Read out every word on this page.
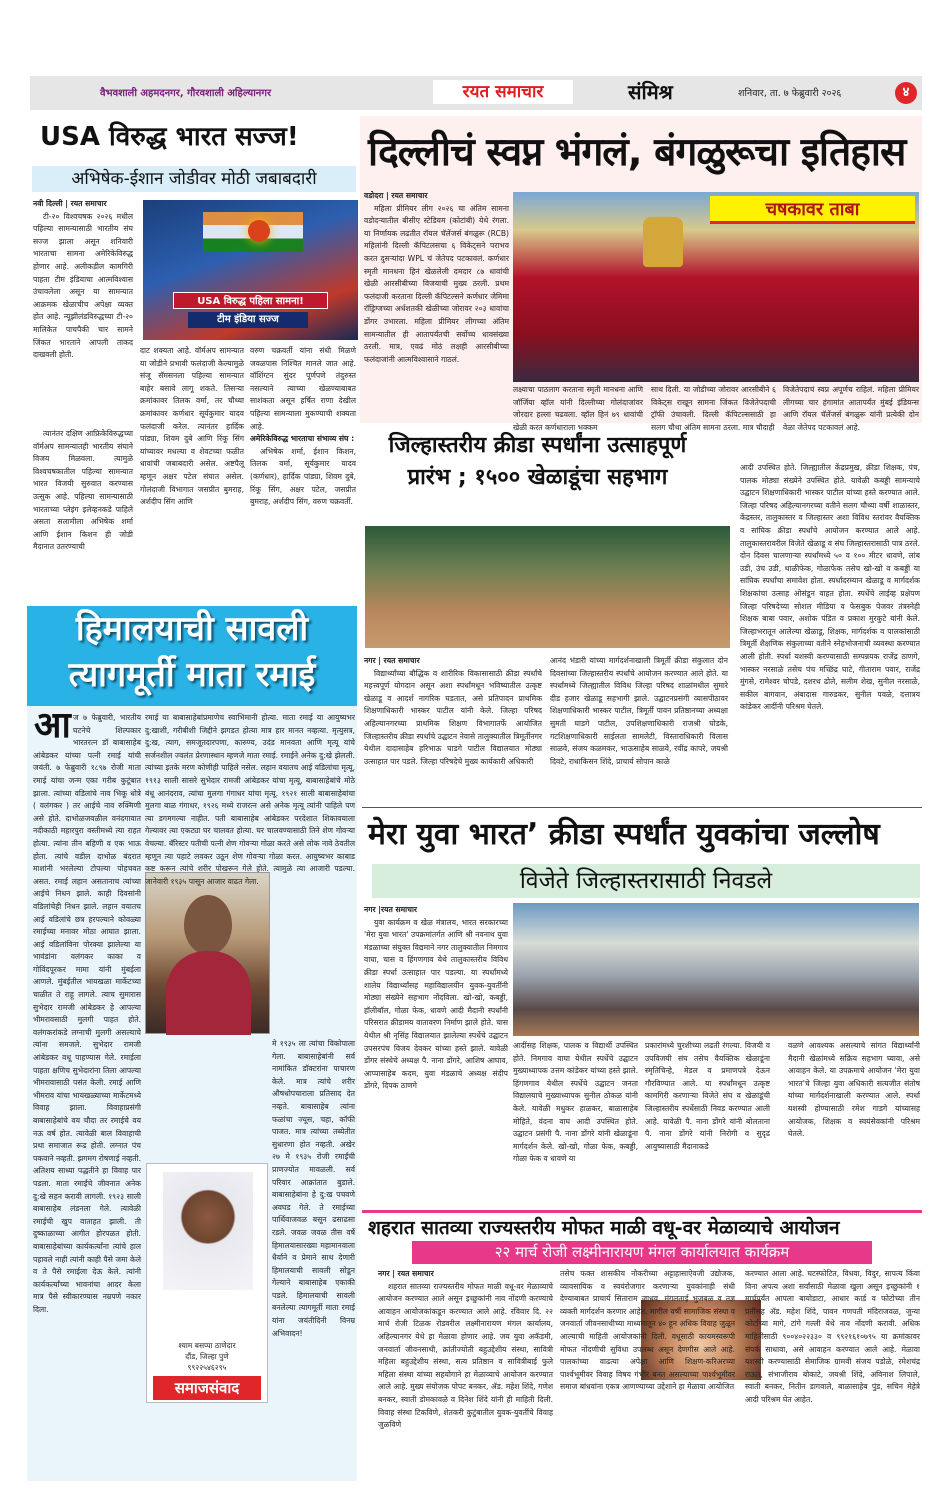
वैभवशाली अहमदनगर, गौरवशाली अहिल्यानगर	रयत समाचार	संमिश्र	शनिवार, ता. ७ फेब्रुवारी २०२६	४
USA विरुद्ध भारत सज्ज!
अभिषेक-ईशान जोडीवर मोठी जबाबदारी
नवी दिल्ली | रयत समाचार

टी-२० विश्वचषक २०२६ मधील पहिल्या सामन्यासाठी भारतीय संघ सज्ज झाला असून शनिवारी भारताचा सामना अमेरिकेविरुद्ध होणार आहे. अलीकडील कामगिरी पाहता टीम इंडियाचा आत्मविश्वास उंचावलेला असून या सामन्यात आक्रमक खेळाचीच अपेक्षा व्यक्त होत आहे. न्यूझीलंडविरुद्धच्या टी-२० मालिकेत पाचपैकी चार सामने जिंकत भारताने आपली ताकद दाखवली होती.

USA विरुद्ध पहिला सामना!
टीम इंडिया सज्ज

त्यानंतर दक्षिण आफ्रिकेविरुद्धच्या वॉर्मअप सामन्यातही भारतीय संघाने विजय मिळवला. त्यामुळे विश्वचषकातील पहिल्या सामन्यात भारत विजयी सुरुवात करण्यास उत्सुक आहे. पहिल्या सामन्यासाठी भारताच्या प्लेइंग इलेव्हनकडे पाहिले असता सलामीला अभिषेक शर्मा आणि ईशान किशन ही जोडी मैदानात उतरण्याची

दाट शक्यता आहे. वॉर्मअप सामन्यात या जोडीने प्रभावी फलंदाजी केल्यामुळे संजू सॅमसनला पहिल्या सामन्यात बाहेर बसावे लागू शकते. तिसऱ्या क्रमांकावर तिलक वर्मा, तर चौथ्या क्रमांकावर कर्णधार सूर्यकुमार यादव फलंदाजी करेल. त्यानंतर हार्दिक पांड्या, शिवम दुबे आणि रिंकू सिंग यांच्यावर मधल्या व शेवटच्या फळीत धावांची जबाबदारी असेल. अष्टपैलू म्हणून अक्षर पटेल संघात असेल. गोलंदाजी विभागात जसप्रीत बुमराह, अर्शदीप सिंग आणि

वरुण चक्रवर्ती यांना संधी मिळणे जवळपास निश्चित मानले जात आहे. वॉशिंग्टन सुंदर पूर्णपणे तंदुरुस्त नसल्याने त्याच्या खेळण्याबाबत साशंकता असून हर्षित राणा देखील पहिल्या सामन्याला मुकण्याची शक्यता आहे.

अमेरिकेविरुद्ध भारताचा संभाव्य संघ :

अभिषेक शर्मा, ईशान किशन, तिलक वर्मा, सूर्यकुमार यादव (कर्णधार), हार्दिक पांड्या, शिवम दुबे, रिंकू सिंग, अक्षर पटेल, जसप्रीत बुमराह, अर्शदीप सिंग, वरुण चक्रवर्ती.

दिल्लीचं स्वप्न भंगलं, बंगळुरूचा इतिहास
वडोदरा | रयत समाचार

महिला प्रीमियर लीग २०२६ चा अंतिम सामना वडोदऱ्यातील बीसीए स्टेडियम (कोटांबी) येथे रंगला. या निर्णायक लढतीत रॉयल चॅलेंजर्स बंगळुरू (RCB) महिलांनी दिल्ली कॅपिटलसचा ६ विकेट्सने पराभव करत दुसऱ्यांदा WPL चं जेतेपद पटकावलं. कर्णधार स्मृती मानधना हिनं खेळलेली दमदार ८७ धावांची खेळी आरसीबीच्या विजयाची मुख्य ठरली. प्रथम फलंदाजी करताना दिल्ली कॅपिटल्सने कर्णधार जेमिमा रॉड्रिग्जच्या अर्धशतकी खेळीच्या जोरावर २०३ धावांचा डोंगर उभारला. महिला प्रीमियर लीगच्या अंतिम सामन्यातील ही आतापर्यंतची सर्वोच्च धावसंख्या ठरली. मात्र, एवढं मोठं लक्षही आरसीबीच्या फलंदाजांनी आत्मविश्वासाने गाठलं.

चषकावर ताबा

लक्ष्याचा पाठलाग करताना स्मृती मानधना आणि जॉर्जिया व्हॉल यांनी दिल्लीच्या गोलंदाजांवर जोरदार हल्ला चढवला. व्हॉल हिनं ७९ धावांची खेळी करत कर्णधाराला भक्कम

साथ दिली. या जोडीच्या जोरावर आरसीबीने ६ विकेट्स राखून सामना जिंकत विजेतेपदाची ट्रॉफी उंचावली. दिल्ली कॅपिटल्ससाठी हा सलग चौथा अंतिम सामना ठरला. मात्र चौदाही

विजेतेपदाचं स्वप्न अपूर्णच राहिलं. महिला प्रीमियर लीगच्या चार हंगामांत आतापर्यंत मुंबई इंडियन्स आणि रॉयल चॅलेंजर्स बंगळुरू यांनी प्रत्येकी दोन वेळा जेतेपद पटकावलं आहे.

जिल्हास्तरीय क्रीडा स्पर्धांना उत्साहपूर्ण
प्रारंभ ; १५०० खेळाडूंचा सहभाग
नगर | रयत समाचार

विद्यार्थ्यांच्या बौद्धिक व शारीरिक विकासासाठी क्रीडा स्पर्धांचे महत्त्वपूर्ण योगदान असून अशा स्पर्धांमधून भविष्यातील उत्कृष्ट खेळाडू व आदर्श नागरिक घडतात, असे प्रतिपादन प्राथमिक शिक्षणाधिकारी भास्कर पाटील यांनी केले. जिल्हा परिषद अहिल्यानगरच्या प्राथमिक शिक्षण विभागातर्फे आयोजित जिल्हास्तरीय क्रीडा स्पर्धांचे उद्घाटन नेवासे तालुक्यातील त्रिमूर्तीनगर येथील दादासाहेब हरिभाऊ घाडगे पाटील विद्यालयात मोठ्या उत्साहात पार पडले. जिल्हा परिषदेचे मुख्य कार्यकारी अधिकारी

आनंद भंडारी यांच्या मार्गदर्शनाखाली त्रिमूर्ती क्रीडा संकुलात दोन दिवसांच्या जिल्हास्तरीय स्पर्धांचे आयोजन करण्यात आले होते. या स्पर्धांमध्ये जिल्ह्यातील विविध जिल्हा परिषद शाळांमधील सुमारे दीड हजार खेळाडू सहभागी झाले. उद्घाटनप्रसंगी व्यासपीठावर शिक्षणाधिकारी भास्कर पाटील, त्रिमूर्ती पावन प्रतिष्ठानच्या अध्यक्षा सुमती घाडगे पाटील, उपशिक्षणाधिकारी राजश्री घोडके, गटशिक्षणाधिकारी साईलता सामलेटी, विस्ताराधिकारी विलास साळवे, संजय कळमकर, भाऊसाहेब साळवे, रवींद्र कापरे, जयश्री दिवटे, राधाकिसन शिंदे, प्राचार्य सोपान काळे

आदी उपस्थित होते. जिल्ह्यातील केंद्रप्रमुख, क्रीडा शिक्षक, पंच, पालक मोठ्या संख्येने उपस्थित होते. यावेळी कबड्डी सामन्याचे उद्घाटन शिक्षणाधिकारी भास्कर पाटील यांच्या हस्ते करण्यात आले. जिल्हा परिषद अहिल्यानगरच्या वतीने सलग चौथ्या वर्षी शाळास्तर, केंद्रस्तर, तालुकास्तर व जिल्हास्तर अशा विविध स्तरांवर वैयक्तिक व सांघिक क्रीडा स्पर्धांचे आयोजन करण्यात आले आहे. तालुकास्तरावरील विजेते खेळाडू व संघ जिल्हास्तरासाठी पात्र ठरले. दोन दिवस चालणाऱ्या स्पर्धांमध्ये ५० व १०० मीटर धावणे, लांब उडी, उंच उडी, थाळीफेक, गोळाफेक तसेच खो-खो व कबड्डी या सांघिक स्पर्धांचा समावेश होता. स्पर्धांदरम्यान खेळाडू व मार्गदर्शक शिक्षकांचा उत्साह ओसंडून वाहत होता. स्पर्धेचे लाईव्ह प्रक्षेपण जिल्हा परिषदेच्या सोशल मीडिया व फेसबुक पेजवर तंत्रस्नेही शिक्षक बाबा पवार, अशोक पंडित व प्रकाश मुरकुटे यांनी केले. जिल्हाभरातून आलेल्या खेळाडू, शिक्षक, मार्गदर्शक व पालकांसाठी त्रिमूर्ती शैक्षणिक संकुलाच्या वतीने स्नेहभोजनाची व्यवस्था करण्यात आली होती. स्पर्धा यशस्वी करण्यासाठी सम्पन्नयक राजेंद्र ठाणगे, भास्कर नरसाळे तसेच पंच मच्छिंद्र घाटे, गीताराम पवार, राजेंद्र मुंगसे, रामेश्वर चोपडे, दशरथ ढोले, सलीम शेख, सुनील नरसाळे, सकील बागवान, अंबादास गारुडकर, सुनील पवळे, दत्तात्रय कांडेकर आदींनी परिश्रम घेतले.

मेरा युवा भारत’ क्रीडा स्पर्धांत युवकांचा जल्लोष
विजेते जिल्हास्तरासाठी निवडले
नगर |रयत समाचार

युवा कार्यक्रम व खेळ मंत्रालय, भारत सरकारच्या 'मेरा युवा भारत' उपक्रमांतर्गत आणि श्री नवनाथ युवा मंडळाच्या संयुक्त विद्यमाने नगर तालुक्यातील निमगाव वाघा, चास व हिंगणगाव येथे तालुकास्तरीय विविध क्रीडा स्पर्धा उत्साहात पार पडल्या. या स्पर्धांमध्ये शालेय विद्यार्थ्यांसह महाविद्यालयीन युवक-युवतींनी मोठ्या संख्येने सहभाग नोंदविला. खो-खो, कबड्डी, हॉलीबॉल, गोळा फेक, धावणे आदी मैदानी स्पर्धांनी परिसरात क्रीडामय वातावरण निर्माण झाले होते. चास येथील श्री नृसिंह विद्यालयात झालेल्या स्पर्धेचे उद्घाटन उपसरपंच विजय देवकर यांच्या हस्ते झाले. यावेळी डोंगर संस्थेचे अध्यक्ष पै. नाना डोंगरे, आशिष आघाव, आप्पासाहेब कदम, युवा मंडळाचे अध्यक्ष संदीप डोंगरे, दिपक ठाणगे

आदींसह शिक्षक, पालक व विद्यार्थी उपस्थित होते. निमगाव वाघा येथील स्पर्धेचे उद्घाटन मुख्याध्यापक उत्तम कांडेकर यांच्या हस्ते झाले. हिंगणगाव येथील स्पर्धेचे उद्घाटन जनता विद्यालयाचे मुख्याध्यापक सुनील ठोकळ यांनी केले. यावेळी मधुकर हाळकर, बाळासाहेब मोहिते, वंदना वाघ आदी उपस्थित होते. उद्घाटन प्रसंगी पै. नाना डोंगरे यांनी खेळाडूंना मार्गदर्शन केले. खो-खो, गोळा फेक, कबड्डी, गोळा फेक व धावणे या

प्रकारांमध्ये चुरशीच्या लढती रंगल्या. विजयी व उपविजयी संघ तसेच वैयक्तिक खेळाडूंना स्मृतिचिन्हे, मेडल व प्रमाणपत्रे देऊन गौरविण्यात आले. या स्पर्धांमधून उत्कृष्ट कामगिरी करणाऱ्या विजेते संघ व खेळाडूंची जिल्हास्तरीय स्पर्धेसाठी निवड करण्यात आली आहे. यावेळी पै. नाना डोंगरे यांनी बोलताना पै. नाना डोंगरे यांनी निरोगी व सुदृढ आयुष्यासाठी मैदानाकडे

वळणे आवश्यक असल्याचे सांगत विद्यार्थ्यांनी मैदानी खेळांमध्ये सक्रिय सहभाग घ्यावा, असे आवाहन केले. या उपक्रमाचे आयोजन 'मेरा युवा भारत'चे जिल्हा युवा अधिकारी सत्यजीत संतोष यांच्या मार्गदर्शनाखाली करण्यात आले. स्पर्धा यशस्वी होण्यासाठी रमेश गाडगे यांच्यासह आयोजक, शिक्षक व स्वयंसेवकांनी परिश्रम घेतले.

शहरात सातव्या राज्यस्तरीय मोफत माळी वधू-वर मेळाव्याचे आयोजन
२२ मार्च रोजी लक्ष्मीनारायण मंगल कार्यालयात कार्यक्रम
नगर | रयत समाचार

शहरात सातव्या राज्यस्तरीय मोफत माळी वधू-वर मेळाव्याचे आयोजन करण्यात आले असून इच्छुकांनी नाव नोंदणी करण्याचे आवाहन आयोजकांकडून करण्यात आले आहे. रविवार दि. २२ मार्च रोजी टिळक रोडवरील लक्ष्मीनारायण मंगल कार्यालय, अहिल्यानगर येथे हा मेळावा होणार आहे. जय युवा अकॅडमी, जनवार्ता जीवनसाथी, क्रांतीज्योती बहुउद्देशीय संस्था, सावित्री महिला बहुउद्देशीय संस्था, सत्य प्रतिष्ठान व सावित्रीबाई फुले महिला संस्था यांच्या सहयोगाने हा मेळाव्याचे आयोजन करण्यात आले आहे. मुख्य संयोजक पोपट बनकर, ॲड. महेश शिंदे, गणेश बनकर, स्वाती डोमकावळे व दिनेश शिंदे यांनी ही माहिती दिली. विवाह संस्था टिकविणे, शेतकरी कुटुंबातील युवक-युवतींचे विवाह जुळविणे

तसेच फक्त शासकीय नोकरीच्या अट्टाहासाऐवजी उद्योजक, व्यावसायिक व स्वयंरोजगार करणाऱ्या युवकांनाही संधी देण्याबाबत प्राचार्य सिताराम जाधव, मंगलताई भुजबळ व तज्ञ व्यक्ती मार्गदर्शन करणार आहेत. मागील वर्षी सामाजिक संस्था व जनवार्ता जीवनसाथीच्या माध्यमातून ४० हून अधिक विवाह जुळून आल्याची माहिती आयोजकांनी दिली. वधूसाठी कायमस्वरूपी मोफत नोंदणीची सुविधा उपलब्ध असून देणगीस आले आहे. पालकांच्या वाढत्या अपेक्षा आणि शिक्षण-करिअरच्या पार्श्वभूमीवर विवाह विषय गंभीर बनत असल्याच्या पार्श्वभूमीवर समाज बांधवांना एकत्र आणण्याच्या उद्देशाने हा मेळावा आयोजित

करण्यात आला आहे. घटस्फोटित, विधवा, विदुर, सापत्य किंवा विना अपत्य अशा सर्वांसाठी मेळावा खुला असून इच्छुकांनी १ मार्चपर्यंत आपला बायोडाटा, आधार कार्ड व फोटोच्या तीन प्रतींसह ॲड. महेश शिंदे, पावन गणपती मंदिराजवळ, जुन्या कोर्टाच्या मागे, टांगे गल्ली येथे नाव नोंदणी करावी. अधिक माहितीसाठी ९००४०२२३३० व ९९२१६१०७९५ या क्रमांकावर संपर्क साधावा, असे आवाहन करण्यात आले आहे. मेळावा यशस्वी करण्यासाठी सेमाजिक ग्रामवी संजय पडोळे, रमेशचंद्र राऊत, संभाजीराव बोकाटे, जयश्री शिंदे, अविनाश लिपाले, स्वाती बनकर, नितीन डागवाले, बाळासाहेब पुंड, सचिन मेहेत्रे आदी परिश्रम घेत आहेत.

हिमालयाची सावली
त्यागमूर्ती माता रमाई
आ ज ७ फेब्रुवारी, भारतीय घटनेचे शिल्पकार भारतरत्न डॉ बाबासाहेब आंबेडकर यांच्या पत्नी रमाई यांची जयंती. ७ फेब्रुवारी १८९७ रोजी माता रमाई यांचा जन्म एका गरीब कुटूंबात झाला. त्यांच्या वडिलांचे नाव भिकू धोत्रे ( वलंगकर ) तर आईचे नाव रुक्मिणी असे होते. दाभोळजवळील वनंदगावात नदीकाठी महारपुरा वस्तीमध्ये त्या राहत होत्या. त्यांना तीन बहिणी व एक भाऊ होता. त्यांचे वडील दाभोळ बंदरात माशांनी भरलेल्या टोपल्या पोहचवत असत. रमाई लहान असतानाच त्यांच्या आईचे निधन झाले. काही दिवसांनी वडिलांचेही निधन झाले. लहान वयातच आई वडिलांचे छत्र हरपल्याने कोवळ्या रमाईच्या मनावर मोठा आघात झाला. आई वडिलांविना पोरक्या झालेल्या या भावंडांना वलंगकर काका व गोविंदपूरकर मामा यांनी मुंबईला आणले. मुंबईतील भायखळा मार्केटच्या चाळीत ते राहू लागले. त्याच सुमारास सुभेदार रामजी आंबेडकर हे आपल्या भीमरावसाठी मुलगी पाहत होते. वलंगकरांकडे लग्नाची मुलगी असल्याचे त्यांना समजले. सुभेदार रामजी आंबेडकर वधू पाहण्यास गेले. रमाईला पाहता क्षणिच सुभेदारांना तिला आपल्या भीमरावासाठी पसंत केली. रमाई आणि भीमराव यांचा भायखळ्याच्या मार्केटमध्ये विवाह झाला. विवाहाप्रसंगी बाबासाहेबांचे वय चौदा तर रमाईचे वय नऊ वर्ष होत. त्यावेळी बाल विवाहाची प्रथा समाजात रूढ होती. लग्नात पंच पकवाने नव्हती. झगमग रोषणाई नव्हती. अतिशय साध्या पद्धतीने हा विवाह पार पडला. माता रमाईंचे जीवनात अनेक दु:खे सहन करावी लागली. १९२३ साली बाबासाहेब लंडनला गेले. त्यावेळी रमाईची खुप वाताहत झाली. ती दुष्काळाच्या आगीत होरपळत होती. बाबासाहेबांच्या कार्यकर्त्यांना त्यांचे हाल पहावले नाही त्यांनी काही पैसे जमा केले व ते पैसे रमाईला देऊ केले. त्यांनी कार्यकर्त्यांच्या भावनांचा आदर केला मात्र पैसे स्वीकारण्यास नम्रपणे नकार दिला.

रमाई या बाबासाहेबांप्रमाणेच स्वाभिमानी होत्या. माता रमाई या आयुष्यभर दु:खाशी, गरीबीशी जिद्दीने झगडत होत्या मात्र हार मानत नव्हत्या. मृत्युसत्र, दु:ख, त्याग, समजूतदारपणा, कारुण्य, उदंड मानवता आणि मृत्यू यांचे सर्जनशील ज्वलंत प्रेरणास्थान म्हणजे माता रमाई. रमाईने अनेक दु:खे झेलली. त्यांच्या इतके मरण कोणीही पाहिले नसेल. लहान वयातच आई वडिलांचा मृत्यू, १९१३ साली सासरे सुभेदार रामजी आंबेडकर यांचा मृत्यू, बाबासाहेबांचे मोठे बंधू आनंदराव, त्यांचा मुलगा गंगाधर यांचा मृत्यू. १९२१ साली बाबासाहेबांचा मुलगा बाळ गंगाधर, १९२६ मध्ये राजरत्न असे अनेक मृत्यू त्यांनी पाहिले पण त्या डगमगल्या नाहीत. पती बाबासाहेब आंबेडकर परदेशात शिकावयाला गेल्यावर त्या एकट्या घर चालवत होत्या. घर चालवण्यासाठी तिने शेण गोवऱ्या वेचल्या. बॅरिस्टर पतीची पत्नी शेण गोवऱ्या गोळा करते असे लोक नावे ठेवतील म्हणून त्या पहाटे लवकर उठून शेण गोवऱ्या गोळा करत. आयुष्यभर काबाड कष्ट करून त्यांचे शरीर पोखरून गेले होते. त्यामुळे त्या आजारी पडल्या. जानेवारी १९३५ पासून आजार वाढत गेला.

मे १९३५ ला त्यांचा विकोपाला गेला. बाबासाहेबांनी सर्व नामांकित डॉक्टरांना पाचारण केले. मात्र त्यांचे शरीर औषधोपचाराला प्रतिसाद देत नव्हते. बाबासाहेब त्यांना फळांचा ज्यूस, चहा, कॉफी पाजत. मात्र त्यांच्या तब्येतीत सुधारणा होत नव्हती. अखेर २७ मे १९३५ रोजी रमाईंची प्राणज्योत मावळली. सर्व परिवार आक्रांतात बुडाले. बाबासाहेबांना हे दु:ख पचवणे अवघड गेले. ते रमाईच्या पार्थिवाजवळ बसून ढसाढसा रडले. जवळ जवळ तीस वर्षे हिमालयासारख्या महामानवाला धैर्याने व प्रेमाने साथ देणारी हिमालयाची सावली सोडून गेल्याने बाबासाहेब एकाकी पडले. हिमालयाची सावली बनलेल्या त्यागमूर्ती माता रमाई यांना जयंतीदिनी विनम्र अभिवादन!

श्याम बसप्पा ठाणेदार
दौंड, जिल्हा पुणे
९९२२५४६२९५
समाजसंवाद
